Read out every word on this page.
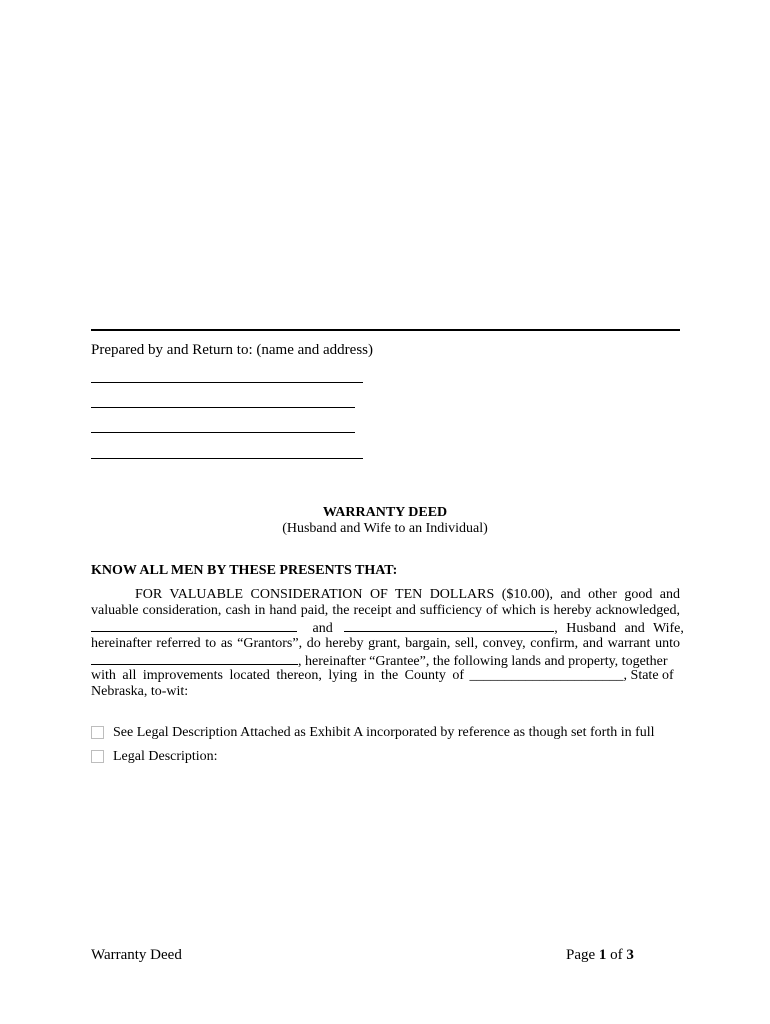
Prepared by and Return to: (name and address)
WARRANTY DEED
(Husband and Wife to an Individual)
KNOW ALL MEN BY THESE PRESENTS THAT:
FOR VALUABLE CONSIDERATION OF TEN DOLLARS ($10.00), and other good and
valuable consideration, cash in hand paid, the receipt and sufficiency of which is hereby acknowledged,
and	, Husband and Wife,
hereinafter referred to as “Grantors”, do hereby grant, bargain, sell, convey, confirm, and warrant unto
, hereinafter “Grantee”, the following lands and property, together
with all improvements located thereon, lying in the County of ______________________, State of
Nebraska, to-wit:
See Legal Description Attached as Exhibit A incorporated by reference as though set forth in full
Legal Description:
Warranty Deed	Page 1 of 3
